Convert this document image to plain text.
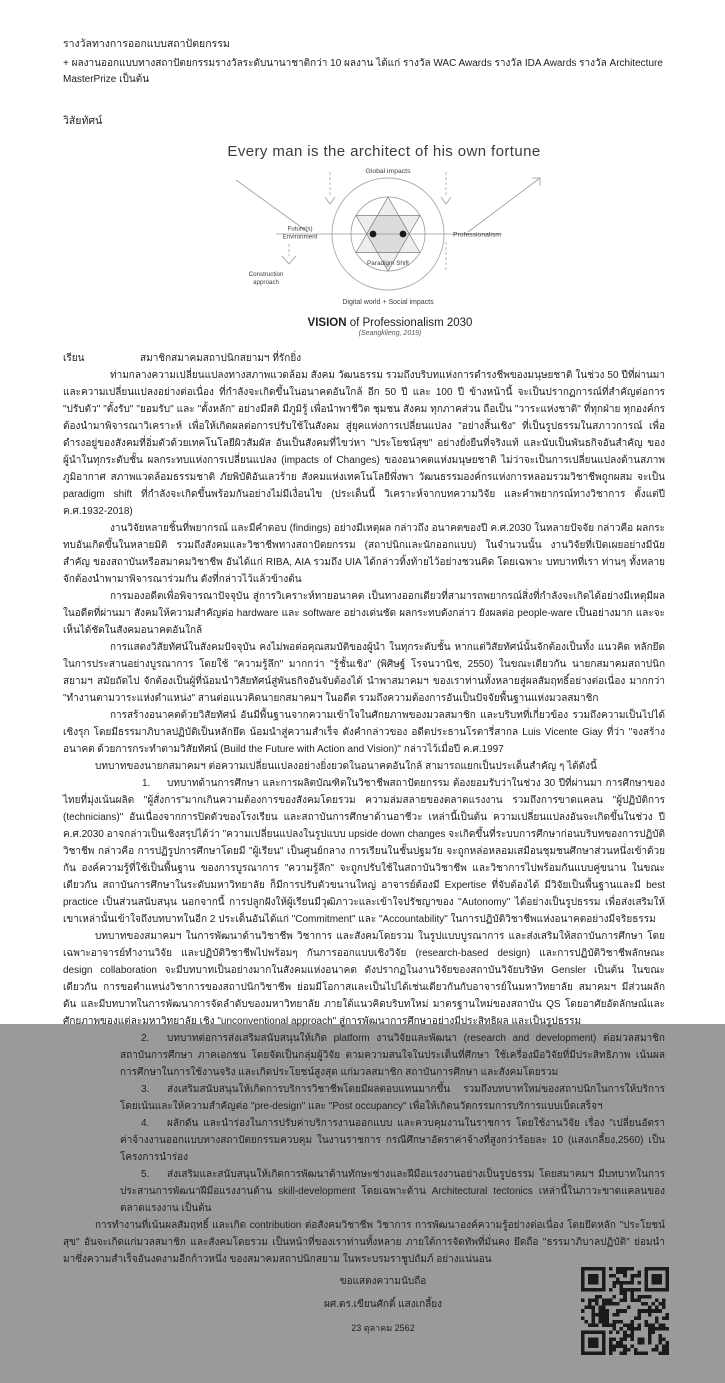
รางวัลทางการออกแบบสถาปัตยกรรม
+ ผลงานออกแบบทางสถาปัตยกรรมรางวัลระดับนานาชาติกว่า 10 ผลงาน ได้แก่ รางวัล WAC Awards รางวัล IDA Awards รางวัล Architecture MasterPrize เป็นต้น
วิสัยทัศน์
Every man is the architect of his own fortune
Global impacts
Future(s)
Environment	Professionalism
Paradigm Shift
Construction
approach
Digital world + Social impacts
VISION of Professionalism 2030
(Seangklieng, 2019)
เรียน	สมาชิกสมาคมสถาปนิกสยามฯ ที่รักยิ่ง

ท่ามกลางความเปลี่ยนแปลงทางสภาพแวดล้อม สังคม วัฒนธรรม รวมถึงบริบทแห่งการดำรงชีพของมนุษยชาติ ในช่วง 50 ปีที่ผ่านมา และความเปลี่ยนแปลงอย่างต่อเนื่อง ที่กำลังจะเกิดขึ้นในอนาคตอันใกล้ อีก 50 ปี และ 100 ปี ข้างหน้านี้ จะเป็นปรากฏการณ์ที่สำคัญต่อการ "ปรับตัว" "ตั้งรับ" "ยอมรับ" และ "ตั้งหลัก" อย่างมีสติ มีภูมิรู้ เพื่อนำพาชีวิต ชุมชน สังคม ทุกภาคส่วน ถือเป็น "วาระแห่งชาติ" ที่ทุกฝ่าย ทุกองค์กร ต้องนำมาพิจารณาวิเคราะห์ เพื่อให้เกิดผลต่อการปรับใช้ในสังคม สู่ยุคแห่งการเปลี่ยนแปลง "อย่างสิ้นเชิง" ที่เป็นรูปธรรมในสภาวการณ์ เพื่อดำรงอยู่ของสังคมที่อิ่มตัวด้วยเทคโนโลยีผิวสัมผัส อันเป็นสังคมที่ไขว่หา "ประโยชน์สุข" อย่างยั่งยืนที่จริงแท้ และนับเป็นพันธกิจอันสำคัญ ของผู้นำในทุกระดับชั้น ผลกระทบแห่งการเปลี่ยนแปลง (impacts of Changes) ของอนาคตแห่งมนุษยชาติ ไม่ว่าจะเป็นการเปลี่ยนแปลงด้านสภาพภูมิอากาศ สภาพแวดล้อมธรรมชาติ ภัยพิบัติอันเลวร้าย สังคมแห่งเทคโนโลยีพึ่งพา วัฒนธรรมองค์กรแห่งการหลอมรวมวิชาชีพถูกผสม จะเป็น paradigm shift ที่กำลังจะเกิดขึ้นพร้อมกันอย่างไม่มีเงื่อนไข (ประเด็นนี้ วิเคราะห์จากบทความวิจัย และคำพยากรณ์ทางวิชาการ ตั้งแต่ปี ค.ศ.1932-2018)

งานวิจัยหลายชิ้นที่พยากรณ์ และมีคำตอบ (findings) อย่างมีเหตุผล กล่าวถึง อนาคตของปี ค.ศ.2030 ในหลายปัจจัย กล่าวคือ ผลกระทบอันเกิดขึ้นในหลายมิติ รวมถึงสังคมและวิชาชีพทางสถาปัตยกรรม (สถาปนิกและนักออกแบบ) ในจำนวนนั้น งานวิจัยที่เปิดเผยอย่างมีนัยสำคัญ ของสถาบันหรือสมาคมวิชาชีพ อันได้แก่ RIBA, AIA รวมถึง UIA ได้กล่าวทิ้งท้ายไว้อย่างชวนคิด โดยเฉพาะ บทบาทที่เรา ท่านๆ ทั้งหลาย จักต้องนำพามาพิจารณาร่วมกัน ดังที่กล่าวไว้แล้วข้างต้น

การมองอดีตเพื่อพิจารณาปัจจุบัน สู่การวิเคราะห์ทายอนาคต เป็นทางออกเดียวที่สามารถพยากรณ์สิ่งที่กำลังจะเกิดได้อย่างมีเหตุมีผล ในอดีตที่ผ่านมา สังคมให้ความสำคัญต่อ hardware และ software อย่างเด่นชัด ผลกระทบดังกล่าว ยังผลต่อ people-ware เป็นอย่างมาก และจะเห็นได้ชัดในสังคมอนาคตอันใกล้

การแสดงวิสัยทัศน์ในสังคมปัจจุบัน คงไม่พอต่อคุณสมบัติของผู้นำ ในทุกระดับชั้น หากแต่วิสัยทัศน์นั้นจักต้องเป็นทั้ง แนวคิด หลักยึด ในการประสานอย่างบูรณาการ โดยใช้ "ความรู้ลึก" มากกว่า "รู้ชั้นเชิง" (พิศิษฐ์ โรจนวานิช, 2550) ในขณะเดียวกัน นายกสมาคมสถาปนิกสยามฯ สมัยถัดไป จักต้องเป็นผู้ที่น้อมนำวิสัยทัศน์สู่พันธกิจอันจับต้องได้ นำพาสมาคมฯ ของเราท่านทั้งหลายสู่ผลสัมฤทธิ์อย่างต่อเนื่อง มากกว่า "ทำงานตามวาระแห่งตำแหน่ง" สานต่อแนวคิดนายกสมาคมฯ ในอดีต รวมถึงความต้องการอันเป็นปัจจัยพื้นฐานแห่งมวลสมาชิก

การสร้างอนาคตด้วยวิสัยทัศน์ อันมีพื้นฐานจากความเข้าใจในศักยภาพของมวลสมาชิก และบริบทที่เกี่ยวข้อง รวมถึงความเป็นไปได้เชิงรุก โดยมีธรรมาภิบาลปฏิบัติเป็นหลักยึด น้อมนำสู่ความสำเร็จ ดังคำกล่าวของ อดีตประธานโรตารี่สากล Luis Vicente Giay ที่ว่า "จงสร้างอนาคต ด้วยการกระทำตามวิสัยทัศน์ (Build the Future with Action and Vision)" กล่าวไว้เมื่อปี ค.ศ.1997

บทบาทของนายกสมาคมฯ ต่อความเปลี่ยนแปลงอย่างยิ่งยวดในอนาคตอันใกล้ สามารถแยกเป็นประเด็นสำคัญ ๆ ได้ดังนี้

1. บทบาทด้านการศึกษา และการผลิตบัณฑิตในวิชาชีพสถาปัตยกรรม ต้องยอมรับว่าในช่วง 30 ปีที่ผ่านมา การศึกษาของไทยที่มุ่งเน้นผลิต "ผู้สั่งการ"มากเกินความต้องการของสังคมโดยรวม ความล่มสลายของตลาดแรงงาน รวมถึงการขาดแคลน "ผู้ปฏิบัติการ (technicians)" อันเนื่องจากการปิดตัวของโรงเรียน และสถาบันการศึกษาด้านอาชีวะ เหล่านี้เป็นต้น ความเปลี่ยนแปลงอันจะเกิดขึ้นในช่วง ปี ค.ศ.2030 อาจกล่าวเป็นเชิงสรุปได้ว่า "ความเปลี่ยนแปลงในรูปแบบ upside down changes จะเกิดขึ้นที่ระบบการศึกษาก่อนบริบทของการปฏิบัติวิชาชีพ กล่าวคือ การปฏิรูปการศึกษาโดยมี "ผู้เรียน" เป็นศูนย์กลาง การเรียนในชั้นปฐมวัย จะถูกหล่อหลอมเสมือนชุมชนศึกษาส่วนหนึ่งเข้าด้วยกัน องค์ความรู้ที่ใช้เป็นพื้นฐาน ของการบูรณาการ "ความรู้ลึก" จะถูกปรับใช้ในสถาบันวิชาชีพ และวิชาการไปพร้อมกันแบบคู่ขนาน ในขณะเดียวกัน สถาบันการศึกษาในระดับมหาวิทยาลัย ก็มีการปรับตัวขนานใหญ่ อาจารย์ต้องมี Expertise ที่จับต้องได้ มีวิจัยเป็นพื้นฐานและมี best practice เป็นส่วนสนับสนุน นอกจากนี้ การปลูกฝังให้ผู้เรียนมีวุฒิภาวะและเข้าใจปรัชญาของ "Autonomy" ได้อย่างเป็นรูปธรรม เพื่อส่งเสริมให้เขาเหล่านั้นเข้าใจถึงบทบาทในอีก 2 ประเด็นอันได้แก่ "Commitment" และ "Accountability" ในการปฏิบัติวิชาชีพแห่งอนาคตอย่างมีจริยธรรม

บทบาทของสมาคมฯ ในการพัฒนาด้านวิชาชีพ วิชาการ และสังคมโดยรวม ในรูปแบบบูรณาการ และส่งเสริมให้สถาบันการศึกษา โดยเฉพาะอาจารย์ทำงานวิจัย และปฏิบัติวิชาชีพไปพร้อมๆ กันการออกแบบเชิงวิจัย (research-based design) และการปฏิบัติวิชาชีพลักษณะ design collaboration จะมีบทบาทเป็นอย่างมากในสังคมแห่งอนาคต ดังปรากฏในงานวิจัยของสถาบันวิจัยบริษัท Gensler เป็นต้น ในขณะเดียวกัน การขอตำแหน่งวิชาการของสถาปนิกวิชาชีพ ย่อมมีโอกาสและเป็นไปได้เช่นเดียวกันกับอาจารย์ในมหาวิทยาลัย สมาคมฯ มีส่วนผลักดัน และมีบทบาทในการพัฒนาการจัดลำดับของมหาวิทยาลัย ภายใต้แนวคิดบริบทใหม่ มาตรฐานใหม่ของสถาบัน QS โดยอาศัยอัตลักษณ์และศักยภาพของแต่ละมหาวิทยาลัย เชิง "unconventional approach" สู่การพัฒนาการศึกษาอย่างมีประสิทธิผล และเป็นรูปธรรม

2. บทบาทต่อการส่งเสริมสนับสนุนให้เกิด platform งานวิจัยและพัฒนา (research and development) ต่อมวลสมาชิก สถาบันการศึกษา ภาคเอกชน โดยจัดเป็นกลุ่มผู้วิจัย ตามความสนใจในประเด็นที่ศึกษา ใช้เครื่องมือวิจัยที่มีประสิทธิภาพ เน้นผลการศึกษาในการใช้งานจริง และเกิดประโยชน์สูงสุด แก่มวลสมาชิก สถาบันการศึกษา และสังคมโดยรวม

3. ส่งเสริมสนับสนุนให้เกิดการบริการวิชาชีพโดยมีผลตอบแทนมากขึ้น รวมถึงบทบาทใหม่ของสถาปนิกในการให้บริการ โดยเน้นและให้ความสำคัญต่อ "pre-design" และ "Post occupancy" เพื่อให้เกิดนวัตกรรมการบริการแบบเบ็ดเสร็จฯ

4. ผลักดัน และนำร่องในการปรับค่าบริการงานออกแบบ และควบคุมงานในราชการ โดยใช้งานวิจัย เรื่อง "เปลี่ยนอัตราค่าจ้างงานออกแบบทางสถาปัตยกรรมควบคุม ในงานราชการ กรณีศึกษาอัตราค่าจ้างที่สูงกว่าร้อยละ 10 (แสงเกลี้ยง,2560) เป็นโครงการนำร่อง

5. ส่งเสริมและสนับสนุนให้เกิดการพัฒนาด้านทักษะช่างและฝีมือแรงงานอย่างเป็นรูปธรรม โดยสมาคมฯ มีบทบาทในการประสานการพัฒนาฝีมือแรงงานด้าน skill-development โดยเฉพาะด้าน Architectural tectonics เหล่านี้ในภาวะขาดแคลนของตลาดแรงงาน เป็นต้น

การทำงานที่เน้นผลสัมฤทธิ์ และเกิด contribution ต่อสังคมวิชาชีพ วิชาการ การพัฒนาองค์ความรู้อย่างต่อเนื่อง โดยยึดหลัก "ประโยชน์สุข" อันจะเกิดแก่มวลสมาชิก และสังคมโดยรวม เป็นหน้าที่ของเราท่านทั้งหลาย ภายใต้การจัดทัพที่มั่นคง ยึดถือ "ธรรมาภิบาลปฏิบัติ" ย่อมนำมาซึ่งความสำเร็จอันงดงามอีกก้าวหนึ่ง ของสมาคมสถาปนิกสยาม ในพระบรมราชูปถัมภ์ อย่างแน่นอน

ขอแสดงความนับถือ
ผศ.ดร.เขียนศักดิ์ แสงเกลี้ยง
23 ตุลาคม 2562
